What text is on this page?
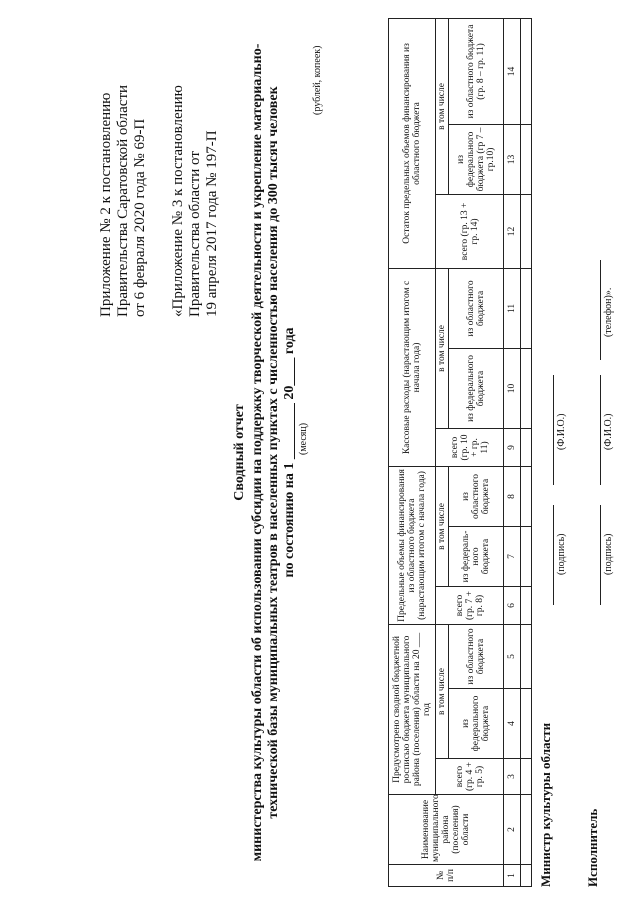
Приложение № 2 к постановлению Правительства Саратовской области от 6 февраля 2020 года № 69-П «Приложение № 3 к постановлению Правительства области от 19 апреля 2017 года № 197-П
Сводный отчет министерства культуры области об использовании субсидии на поддержку творческой деятельности и укрепление материально- технической базы муниципальных театров в населенных пунктах с численностью населения до 300 тысяч человек по состоянию на 1 ________ 20____ года (месяц)
(рублей, копеек)
№ п/п	Наименование муниципального района (поселения) области	Предусмотрено сводной бюджетной росписью бюджета муниципального района (поселения) области на 20 ___ год			Предельные объемы финансирования из областного бюджета (нарастающим итогом с начала года)			Кассовые расходы (нарастающим итогом с начала года)			Остаток предельных объемов финансирования из областного бюджета		
		всего (гр. 4 + гр. 5)	в том числе		всего (гр. 7 + гр. 8)	в том числе		всего (гр. 10 + гр. 11)	в том числе		всего (гр. 13 + гр. 14)	в том числе	
			из федерального бюджета	из областного бюджета		из федераль-ного бюджета	из областного бюджета		из федерального бюджета	из областного бюджета		из федерального бюджета (гр 7 – гр.10)	из областного бюджета (гр. 8 – гр. 11)
1	2	3	4	5	6	7	8	9	10	11	12	13	14

Министр культуры области
(подпись)
(Ф.И.О.)
Исполнитель
(подпись)
(Ф.И.О.)
(телефон)».
